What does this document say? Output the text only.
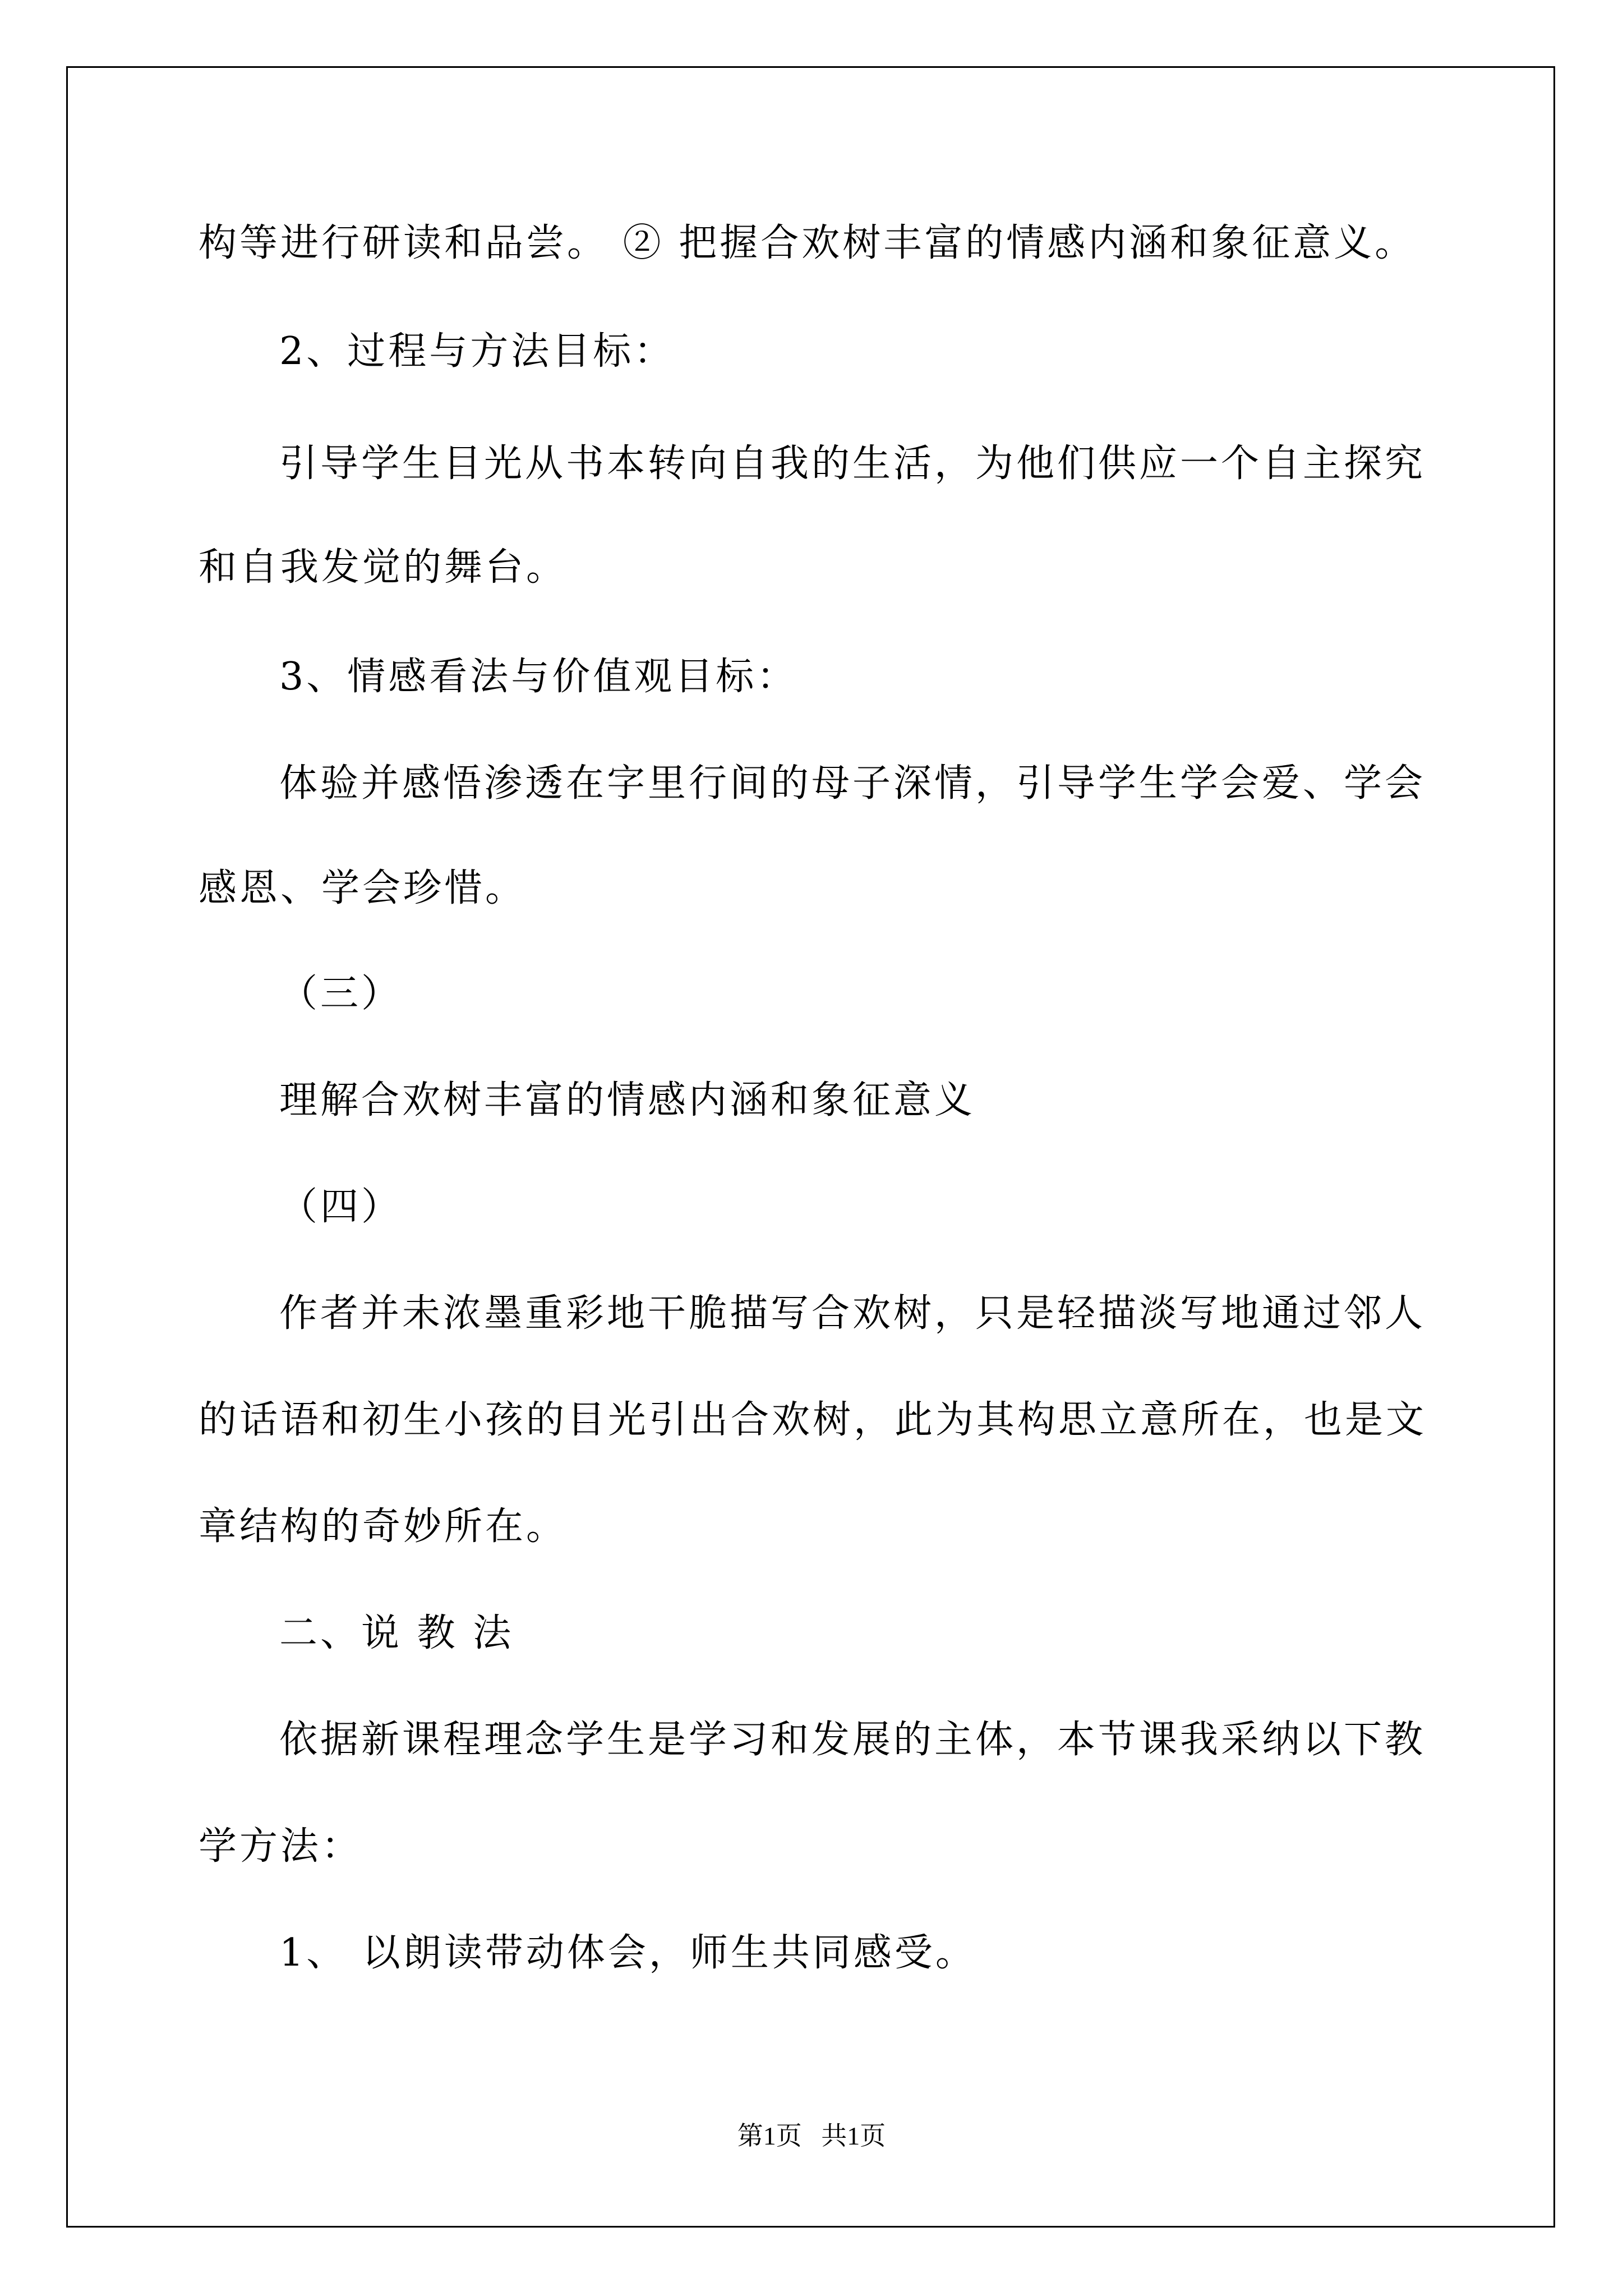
构等进行研读和品尝。 ② 把握合欢树丰富的情感内涵和象征意义。
2、过程与方法目标：
引导学生目光从书本转向自我的生活，为他们供应一个自主探究
和自我发觉的舞台。
3、情感看法与价值观目标：
体验并感悟渗透在字里行间的母子深情，引导学生学会爱、学会
感恩、学会珍惜。
（三）
理解合欢树丰富的情感内涵和象征意义
（四）
作者并未浓墨重彩地干脆描写合欢树，只是轻描淡写地通过邻人
的话语和初生小孩的目光引出合欢树，此为其构思立意所在，也是文
章结构的奇妙所在。
二、说 教 法
依据新课程理念学生是学习和发展的主体，本节课我采纳以下教
学方法：
1、 以朗读带动体会，师生共同感受。
第1页   共1页
